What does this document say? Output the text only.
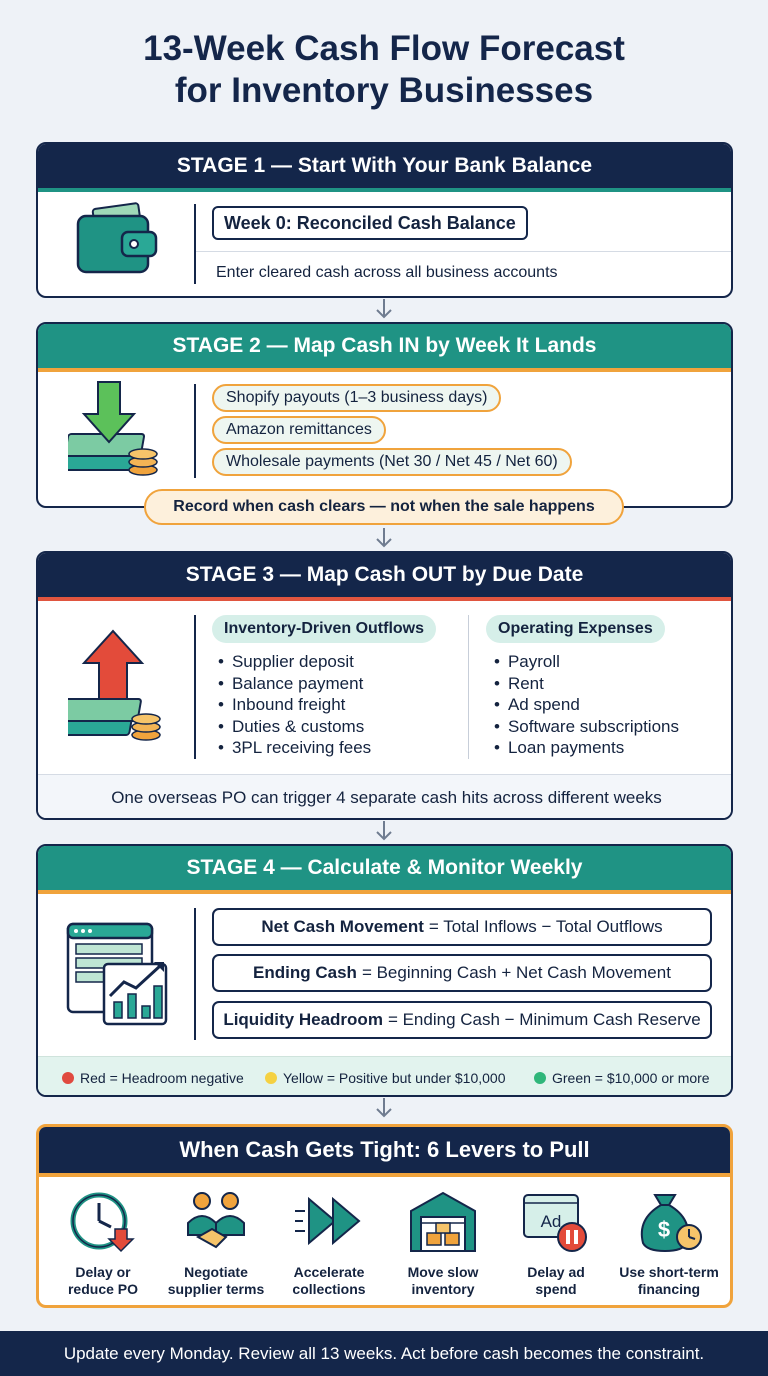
13-Week Cash Flow Forecast
for Inventory Businesses
STAGE 1 — Start With Your Bank Balance
Week 0: Reconciled Cash Balance
Enter cleared cash across all business accounts
STAGE 2 — Map Cash IN by Week It Lands
Shopify payouts (1–3 business days)
Amazon remittances
Wholesale payments (Net 30 / Net 45 / Net 60)
Record when cash clears — not when the sale happens
STAGE 3 — Map Cash OUT by Due Date
Inventory-Driven Outflows
• Supplier deposit
• Balance payment
• Inbound freight
• Duties & customs
• 3PL receiving fees
Operating Expenses
• Payroll
• Rent
• Ad spend
• Software subscriptions
• Loan payments
One overseas PO can trigger 4 separate cash hits across different weeks
STAGE 4 — Calculate & Monitor Weekly
Net Cash Movement = Total Inflows − Total Outflows
Ending Cash = Beginning Cash + Net Cash Movement
Liquidity Headroom = Ending Cash − Minimum Cash Reserve
Red = Headroom negative	Yellow = Positive but under $10,000	Green = $10,000 or more
When Cash Gets Tight: 6 Levers to Pull
Delay or
reduce PO
Negotiate
supplier terms
Accelerate
collections
Move slow
inventory
Ad
Delay ad
spend
$
Use short-term
financing
Update every Monday. Review all 13 weeks. Act before cash becomes the constraint.
